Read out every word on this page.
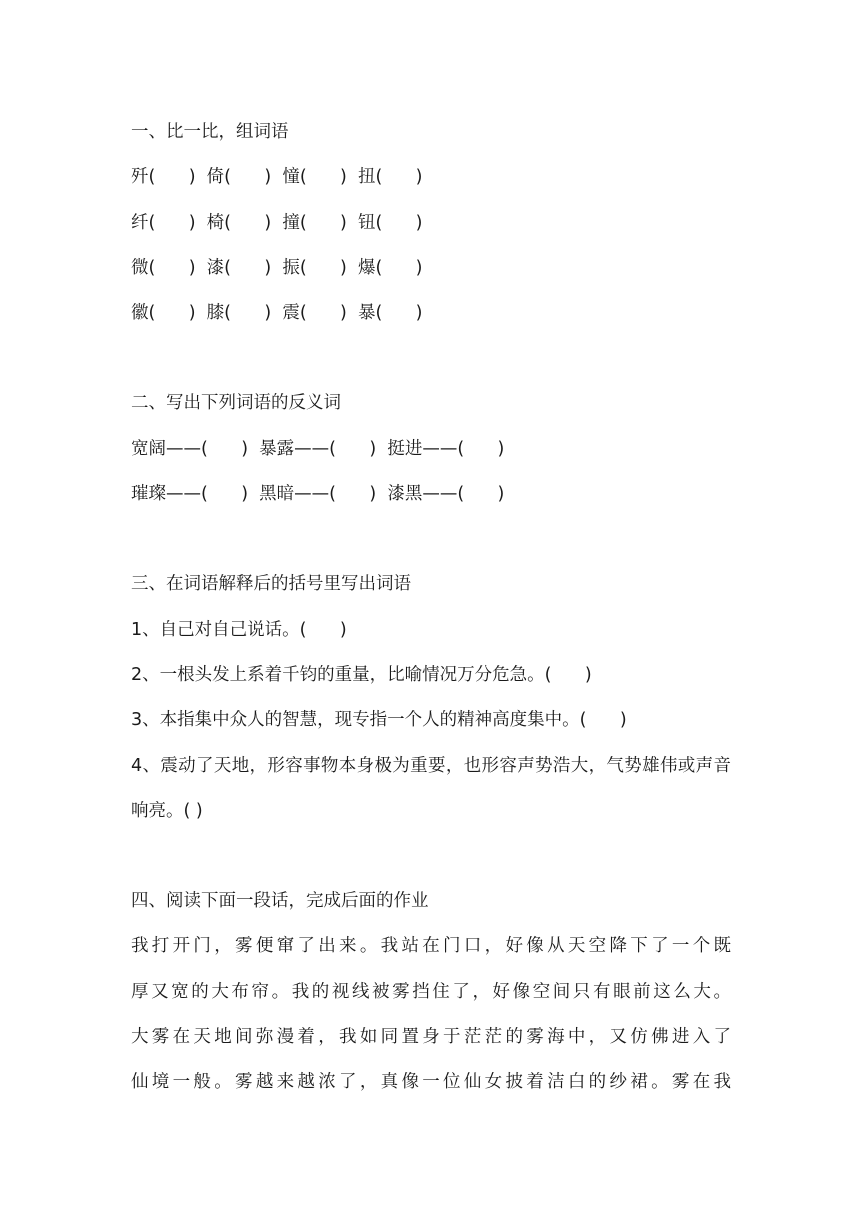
一、比一比，组词语
歼(      )  倚(      )  憧(      )  扭(      )
纤(      )  椅(      )  撞(      )  钮(      )
微(      )  漆(      )  振(      )  爆(      )
徽(      )  膝(      )  震(      )  暴(      )
二、写出下列词语的反义词
宽阔——(      )  暴露——(      )  挺进——(      )
璀璨——(      )  黑暗——(      )  漆黑——(      )
三、在词语解释后的括号里写出词语
1、自己对自己说话。(      )
2、一根头发上系着千钧的重量，比喻情况万分危急。(      )
3、本指集中众人的智慧，现专指一个人的精神高度集中。(      )
4、震动了天地，形容事物本身极为重要，也形容声势浩大，气势雄伟或声音响亮。( )
四、阅读下面一段话，完成后面的作业
我打开门，雾便窜了出来。我站在门口，好像从天空降下了一个既
厚又宽的大布帘。我的视线被雾挡住了，好像空间只有眼前这么大。
大雾在天地间弥漫着，我如同置身于茫茫的雾海中，又仿佛进入了
仙境一般。雾越来越浓了，真像一位仙女披着洁白的纱裙。雾在我
